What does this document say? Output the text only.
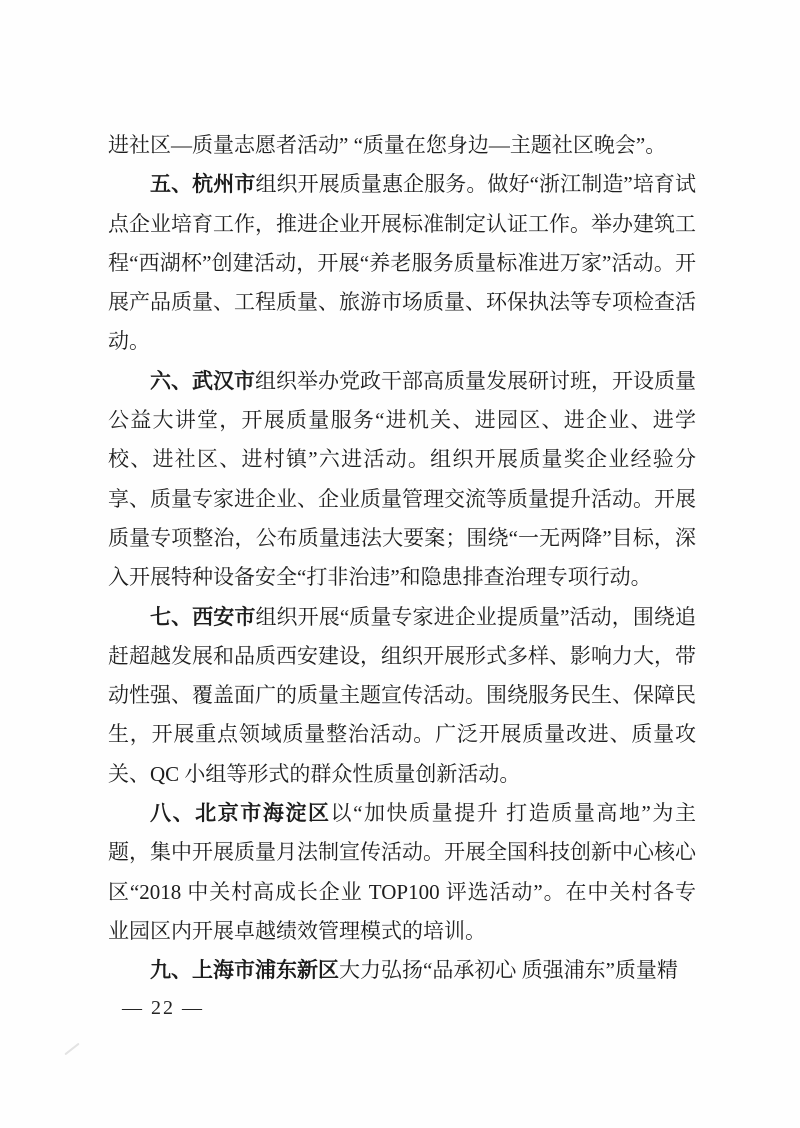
进社区—质量志愿者活动” “质量在您身边—主题社区晚会”。

五、杭州市组织开展质量惠企服务。做好“浙江制造”培育试点企业培育工作，推进企业开展标准制定认证工作。举办建筑工程“西湖杯”创建活动，开展“养老服务质量标准进万家”活动。开展产品质量、工程质量、旅游市场质量、环保执法等专项检查活动。

六、武汉市组织举办党政干部高质量发展研讨班，开设质量公益大讲堂，开展质量服务“进机关、进园区、进企业、进学校、进社区、进村镇”六进活动。组织开展质量奖企业经验分享、质量专家进企业、企业质量管理交流等质量提升活动。开展质量专项整治，公布质量违法大要案；围绕“一无两降”目标，深入开展特种设备安全“打非治违”和隐患排查治理专项行动。

七、西安市组织开展“质量专家进企业提质量”活动，围绕追赶超越发展和品质西安建设，组织开展形式多样、影响力大，带动性强、覆盖面广的质量主题宣传活动。围绕服务民生、保障民生，开展重点领域质量整治活动。广泛开展质量改进、质量攻关、QC 小组等形式的群众性质量创新活动。

八、北京市海淀区以“加快质量提升 打造质量高地”为主题，集中开展质量月法制宣传活动。开展全国科技创新中心核心区“2018 中关村高成长企业 TOP100 评选活动”。在中关村各专业园区内开展卓越绩效管理模式的培训。

九、上海市浦东新区大力弘扬“品承初心 质强浦东”质量精

— 22 —
